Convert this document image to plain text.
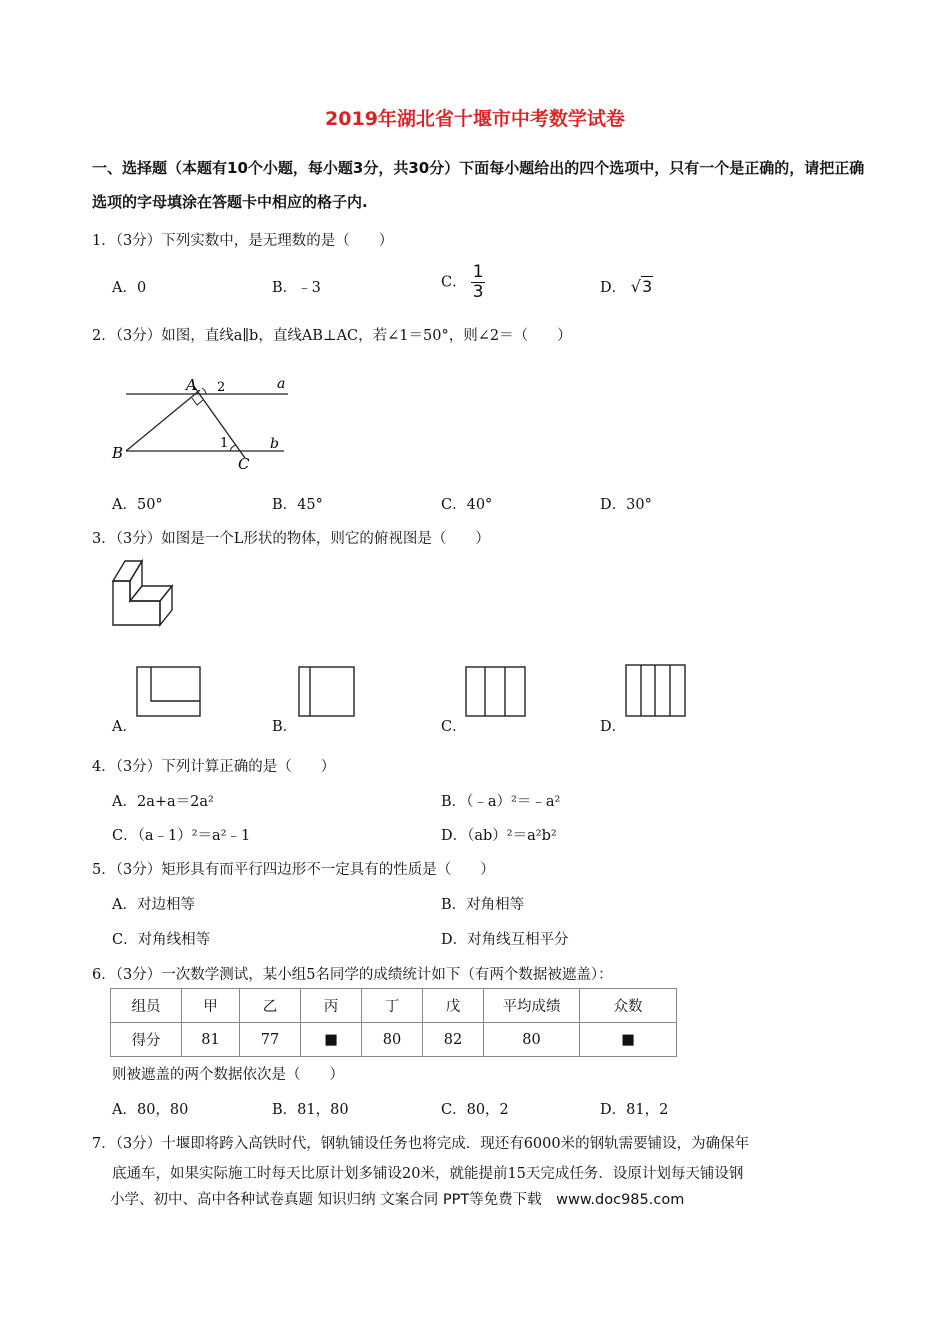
2019年湖北省十堰市中考数学试卷
一、选择题（本题有10个小题，每小题3分，共30分）下面每小题给出的四个选项中，只有一个是正确的，请把正确选项的字母填涂在答题卡中相应的格子内.
1．（3分）下列实数中，是无理数的是（　　）
A．0	B．﹣3	C． $\frac{1}{3}$	D． √3
2．（3分）如图，直线a∥b，直线AB⊥AC，若∠1＝50°，则∠2＝（　　）
A 2	a
B
1
C
b
A．50°	B．45°	C．40°	D．30°
3．（3分）如图是一个L形状的物体，则它的俯视图是（　　）
A．	B．	C．	D．
4．（3分）下列计算正确的是（　　）
A．2a+a＝2a²	B．（﹣a）²＝﹣a²
C．（a﹣1）²＝a²﹣1	D．（ab）²＝a²b²
5．（3分）矩形具有而平行四边形不一定具有的性质是（　　）
A．对边相等	B．对角相等
C．对角线相等	D．对角线互相平分
6．（3分）一次数学测试，某小组5名同学的成绩统计如下（有两个数据被遮盖）：
组员	甲	乙	丙	丁	戊	平均成绩	众数
得分	81	77	■	80	82	80	■
则被遮盖的两个数据依次是（　　）
A．80，80	B．81，80	C．80，2	D．81，2
7．（3分）十堰即将跨入高铁时代，钢轨铺设任务也将完成．现还有6000米的钢轨需要铺设，为确保年
底通车，如果实际施工时每天比原计划多铺设20米，就能提前15天完成任务．设原计划每天铺设钢
小学、初中、高中各种试卷真题 知识归纳 文案合同 PPT等免费下载　www.doc985.com
